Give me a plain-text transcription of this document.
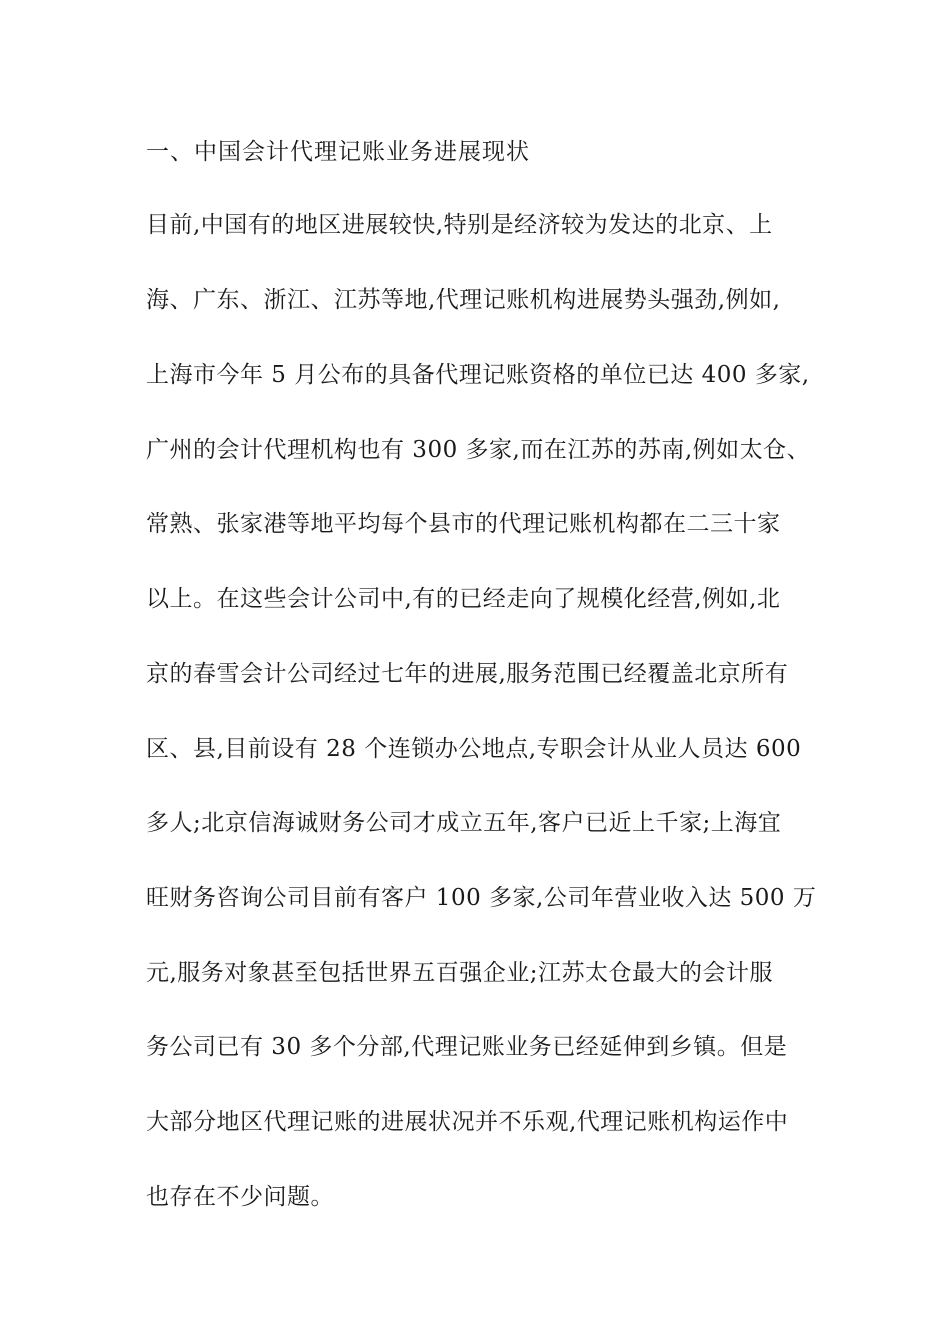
一、中国会计代理记账业务进展现状
目前,中国有的地区进展较快,特别是经济较为发达的北京、上
海、广东、浙江、江苏等地,代理记账机构进展势头强劲,例如,
上海市今年 5 月公布的具备代理记账资格的单位已达 400 多家,
广州的会计代理机构也有 300 多家,而在江苏的苏南,例如太仓、
常熟、张家港等地平均每个县市的代理记账机构都在二三十家
以上。在这些会计公司中,有的已经走向了规模化经营,例如,北
京的春雪会计公司经过七年的进展,服务范围已经覆盖北京所有
区、县,目前设有 28 个连锁办公地点,专职会计从业人员达 600
多人;北京信海诚财务公司才成立五年,客户已近上千家;上海宜
旺财务咨询公司目前有客户 100 多家,公司年营业收入达 500 万
元,服务对象甚至包括世界五百强企业;江苏太仓最大的会计服
务公司已有 30 多个分部,代理记账业务已经延伸到乡镇。但是
大部分地区代理记账的进展状况并不乐观,代理记账机构运作中
也存在不少问题。
